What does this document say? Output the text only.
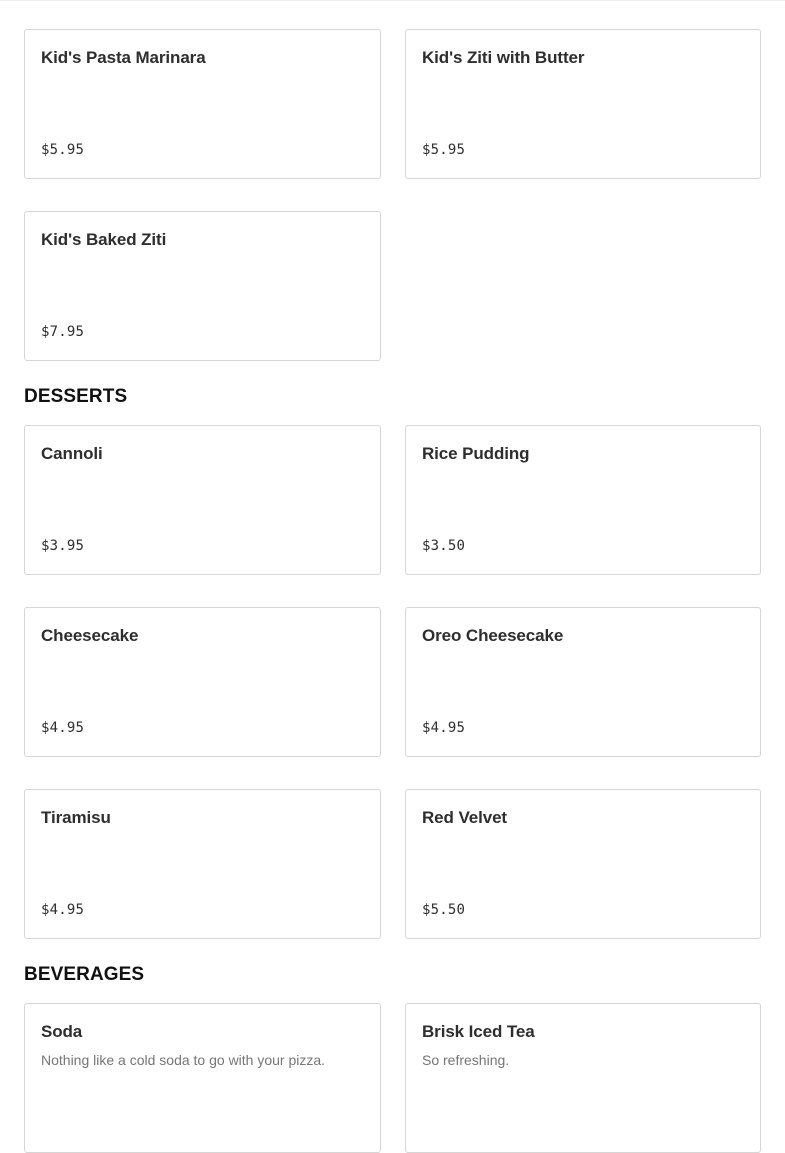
Kid's Pasta Marinara
$5.95
Kid's Ziti with Butter
$5.95
Kid's Baked Ziti
$7.95
DESSERTS
Cannoli
$3.95
Rice Pudding
$3.50
Cheesecake
$4.95
Oreo Cheesecake
$4.95
Tiramisu
$4.95
Red Velvet
$5.50
BEVERAGES
Soda
Nothing like a cold soda to go with your pizza.
Brisk Iced Tea
So refreshing.
